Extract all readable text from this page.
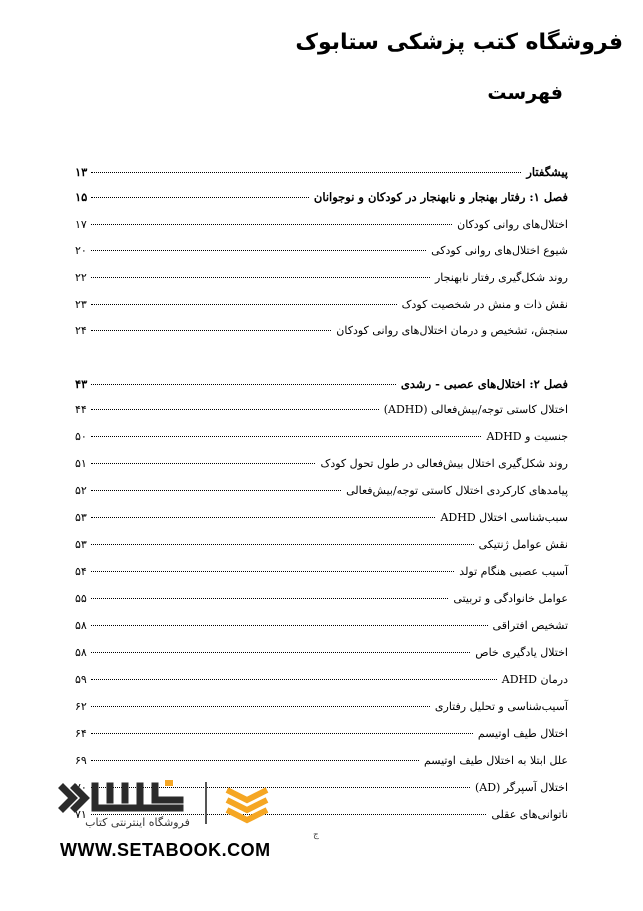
فروشگاه کتب پزشکی ستابوک
فهرست
پیشگفتار
۱۳
فصل ۱: رفتار بهنجار و نابهنجار در کودکان و نوجوانان
۱۵
اختلال‌های روانی کودکان
۱۷
شیوع اختلال‌های روانی کودکی
۲۰
روند شکل‌گیری رفتار نابهنجار
۲۲
نقش ذات و منش در شخصیت کودک
۲۳
سنجش، تشخیص و درمان اختلال‌های روانی کودکان
۲۴
فصل ۲: اختلال‌های عصبی - رشدی
۴۳
اختلال کاستی توجه/بیش‌فعالی (ADHD)
۴۴
جنسیت و ADHD
۵۰
روند شکل‌گیری اختلال بیش‌فعالی در طول تحول کودک
۵۱
پیامدهای کارکردی اختلال کاستی توجه/بیش‌فعالی
۵۲
سبب‌شناسی اختلال ADHD
۵۳
نقش عوامل ژنتیکی
۵۳
آسیب عصبی هنگام تولد
۵۴
عوامل خانوادگی و تربیتی
۵۵
تشخیص افتراقی
۵۸
اختلال یادگیری خاص
۵۸
درمان ADHD
۵۹
آسیب‌شناسی و تحلیل رفتاری
۶۲
اختلال طیف اوتیسم
۶۴
علل ابتلا به اختلال طیف اوتیسم
۶۹
اختلال آسپرگر (AD)
۷۰
ناتوانی‌های عقلی
۷۱
ج
فروشگاه اینترنتی کتاب
WWW.SETABOOK.COM
